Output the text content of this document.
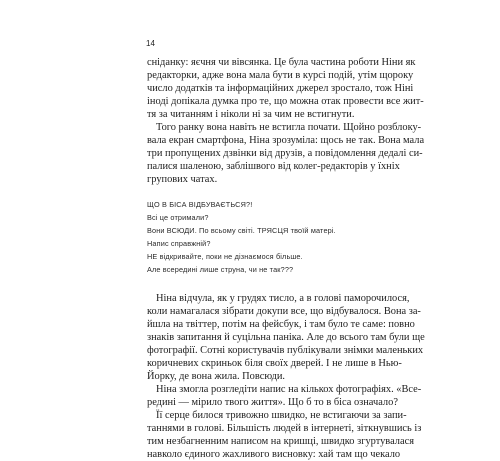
14
сніданку: яєчня чи вівсянка. Це була частина роботи Ніни як
редакторки, адже вона мала бути в курсі подій, утім щороку
число додатків та інформаційних джерел зростало, тож Ніні
іноді допікала думка про те, що можна отак провести все жит-
тя за читанням і ніколи ні за чим не встигнути.
Того ранку вона навіть не встигла почати. Щойно розблоку-
вала екран смартфона, Ніна зрозуміла: щось не так. Вона мала
три пропущених дзвінки від друзів, а повідомлення дедалі си-
палися шаленою, заблішвого від колег-редакторів у їхніх
групових чатах.
ЩО В БІСА ВІДБУВАЄТЬСЯ?!
Всі це отримали?
Вони ВСЮДИ. По всьому світі. ТРЯСЦЯ твоїй матері.
Напис справжній?
НЕ відкривайте, поки не дізнаємося більше.
Але всередині лише струна, чи не так???
Ніна відчула, як у грудях тисло, а в голові паморочилося,
коли намагалася зібрати докупи все, що відбувалося. Вона за-
йшла на твіттер, потім на фейсбук, і там було те саме: повно
знаків запитання й суцільна паніка. Але до всього там були ще
фотографії. Сотні користувачів публікували знімки маленьких
коричневих скриньок біля своїх дверей. І не лише в Нью-
Йорку, де вона жила. Повсюди.
Ніна змогла розгледіти напис на кількох фотографіях. «Все-
редині — мірило твого життя». Що б то в біса означало?
Її серце билося тривожно швидко, не встигаючи за запи-
таннями в голові. Більшість людей в інтернеті, зіткнувшись із
тим незбагненним написом на кришці, швидко згуртувалася
навколо єдиного жахливого висновку: хай там що чекало
